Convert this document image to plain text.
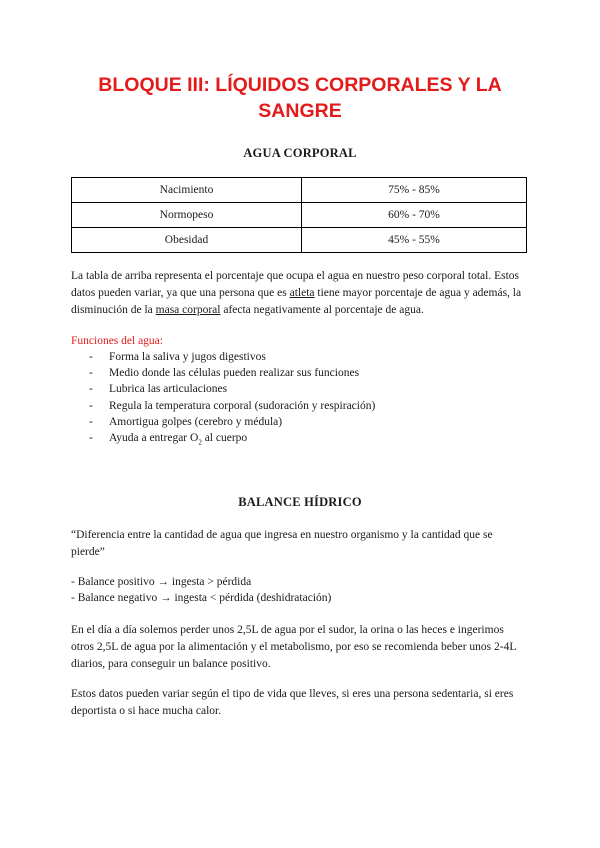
BLOQUE III: LÍQUIDOS CORPORALES Y LA SANGRE
AGUA CORPORAL
Nacimiento	75% - 85%
Normopeso	60% - 70%
Obesidad	45% - 55%

La tabla de arriba representa el porcentaje que ocupa el agua en nuestro peso corporal total. Estos datos pueden variar, ya que una persona que es atleta tiene mayor porcentaje de agua y además, la disminución de la masa corporal afecta negativamente al porcentaje de agua.

Funciones del agua:

- Forma la saliva y jugos digestivos
- Medio donde las células pueden realizar sus funciones
- Lubrica las articulaciones
- Regula la temperatura corporal (sudoración y respiración)
- Amortigua golpes (cerebro y médula)
- Ayuda a entregar $O_2$ al cuerpo
BALANCE HÍDRICO

“Diferencia entre la cantidad de agua que ingresa en nuestro organismo y la cantidad que se pierde”

- Balance positivo → ingesta > pérdida

- Balance negativo → ingesta < pérdida (deshidratación)

En el día a día solemos perder unos 2,5L de agua por el sudor, la orina o las heces e ingerimos otros 2,5L de agua por la alimentación y el metabolismo, por eso se recomienda beber unos 2-4L diarios, para conseguir un balance positivo.

Estos datos pueden variar según el tipo de vida que lleves, si eres una persona sedentaria, si eres deportista o si hace mucha calor.
